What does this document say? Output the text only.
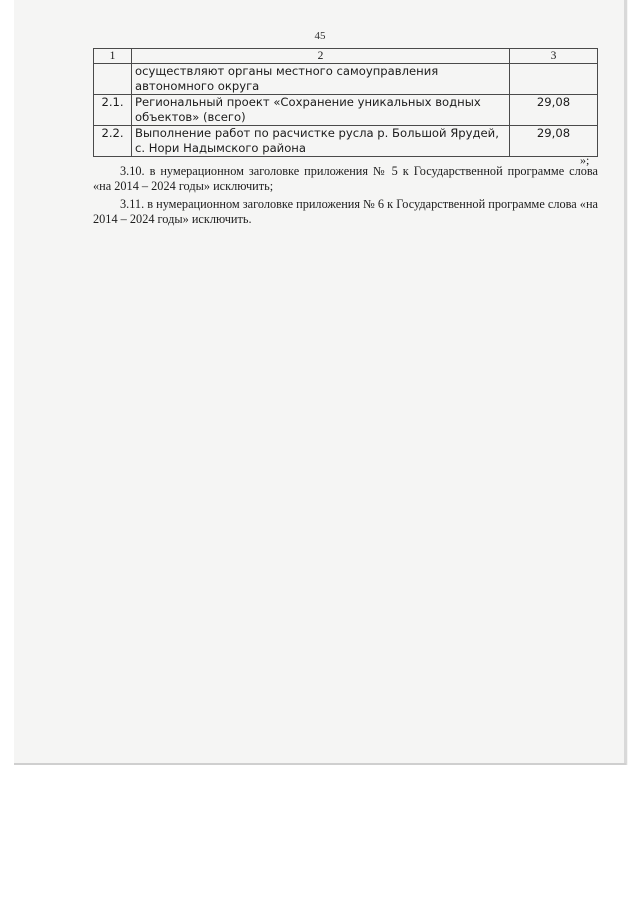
45
1	2	3
	осуществляют органы местного самоуправления автономного округа	
2.1.	Региональный проект «Сохранение уникальных водных объектов» (всего)	29,08
2.2.	Выполнение работ по расчистке русла р. Большой Ярудей, с. Нори Надымского района	29,08
»;
3.10. в нумерационном заголовке приложения № 5 к Государственной программе слова «на 2014 – 2024 годы» исключить;
3.11. в нумерационном заголовке приложения № 6 к Государственной программе слова «на 2014 – 2024 годы» исключить.
